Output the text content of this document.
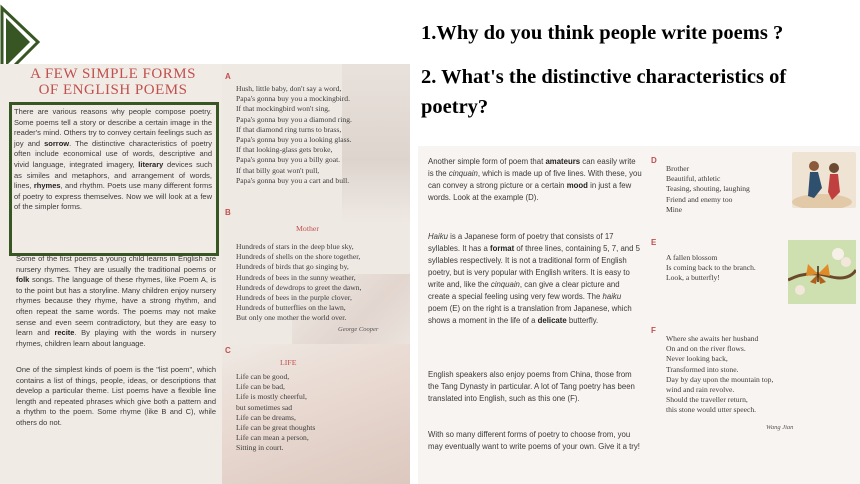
1.Why do you think people write poems ?
2. What's the distinctive characteristics of poetry?
A FEW SIMPLE FORMS
OF ENGLISH POEMS
There are various reasons why people compose poetry. Some poems tell a story or describe a certain image in the reader's mind. Others try to convey certain feelings such as joy and sorrow. The distinctive characteristics of poetry often include economical use of words, descriptive and vivid language, integrated imagery, literary devices such as similes and metaphors, and arrangement of words, lines, rhymes, and rhythm. Poets use many different forms of poetry to express themselves. Now we will look at a few of the simpler forms.
Some of the first poems a young child learns in English are nursery rhymes. They are usually the traditional poems or folk songs. The language of these rhymes, like Poem A, is to the point but has a storyline. Many children enjoy nursery rhymes because they rhyme, have a strong rhythm, and often repeat the same words. The poems may not make sense and even seem contradictory, but they are easy to learn and recite. By playing with the words in nursery rhymes, children learn about language.
One of the simplest kinds of poem is the "list poem", which contains a list of things, people, ideas, or descriptions that develop a particular theme. List poems have a flexible line length and repeated phrases which give both a pattern and a rhythm to the poem. Some rhyme (like B and C), while others do not.
A
B
C
Hush, little baby, don't say a word,
Papa's gonna buy you a mockingbird.
If that mockingbird won't sing,
Papa's gonna buy you a diamond ring.
If that diamond ring turns to brass,
Papa's gonna buy you a looking glass.
If that looking-glass gets broke,
Papa's gonna buy you a billy goat.
If that billy goat won't pull,
Papa's gonna buy you a cart and bull.
Mother
Hundreds of stars in the deep blue sky,
Hundreds of shells on the shore together,
Hundreds of birds that go singing by,
Hundreds of bees in the sunny weather,
Hundreds of dewdrops to greet the dawn,
Hundreds of bees in the purple clover,
Hundreds of butterflies on the lawn,
But only one mother the world over.
George Cooper
LIFE
Life can be good,
Life can be bad,
Life is mostly cheerful,
but sometimes sad
Life can be dreams,
Life can be great thoughts
Life can mean a person,
Sitting in court.
Another simple form of poem that amateurs can easily write is the cinquain, which is made up of five lines. With these, you can convey a strong picture or a certain mood in just a few words. Look at the example (D).
Haiku is a Japanese form of poetry that consists of 17 syllables. It has a format of three lines, containing 5, 7, and 5 syllables respectively. It is not a traditional form of English poetry, but is very popular with English writers. It is easy to write and, like the cinquain, can give a clear picture and create a special feeling using very few words. The haiku poem (E) on the right is a translation from Japanese, which shows a moment in the life of a delicate butterfly.
English speakers also enjoy poems from China, those from the Tang Dynasty in particular. A lot of Tang poetry has been translated into English, such as this one (F).
With so many different forms of poetry to choose from, you may eventually want to write poems of your own. Give it a try!
D
E
F
Brother
Beautiful, athletic
Teasing, shouting, laughing
Friend and enemy too
Mine
A fallen blossom
Is coming back to the branch.
Look, a butterfly!
Where she awaits her husband
On and on the river flows.
Never looking back,
Transformed into stone.
Day by day upon the mountain top,
wind and rain revolve.
Should the traveller return,
this stone would utter speech.
Wang Jian
